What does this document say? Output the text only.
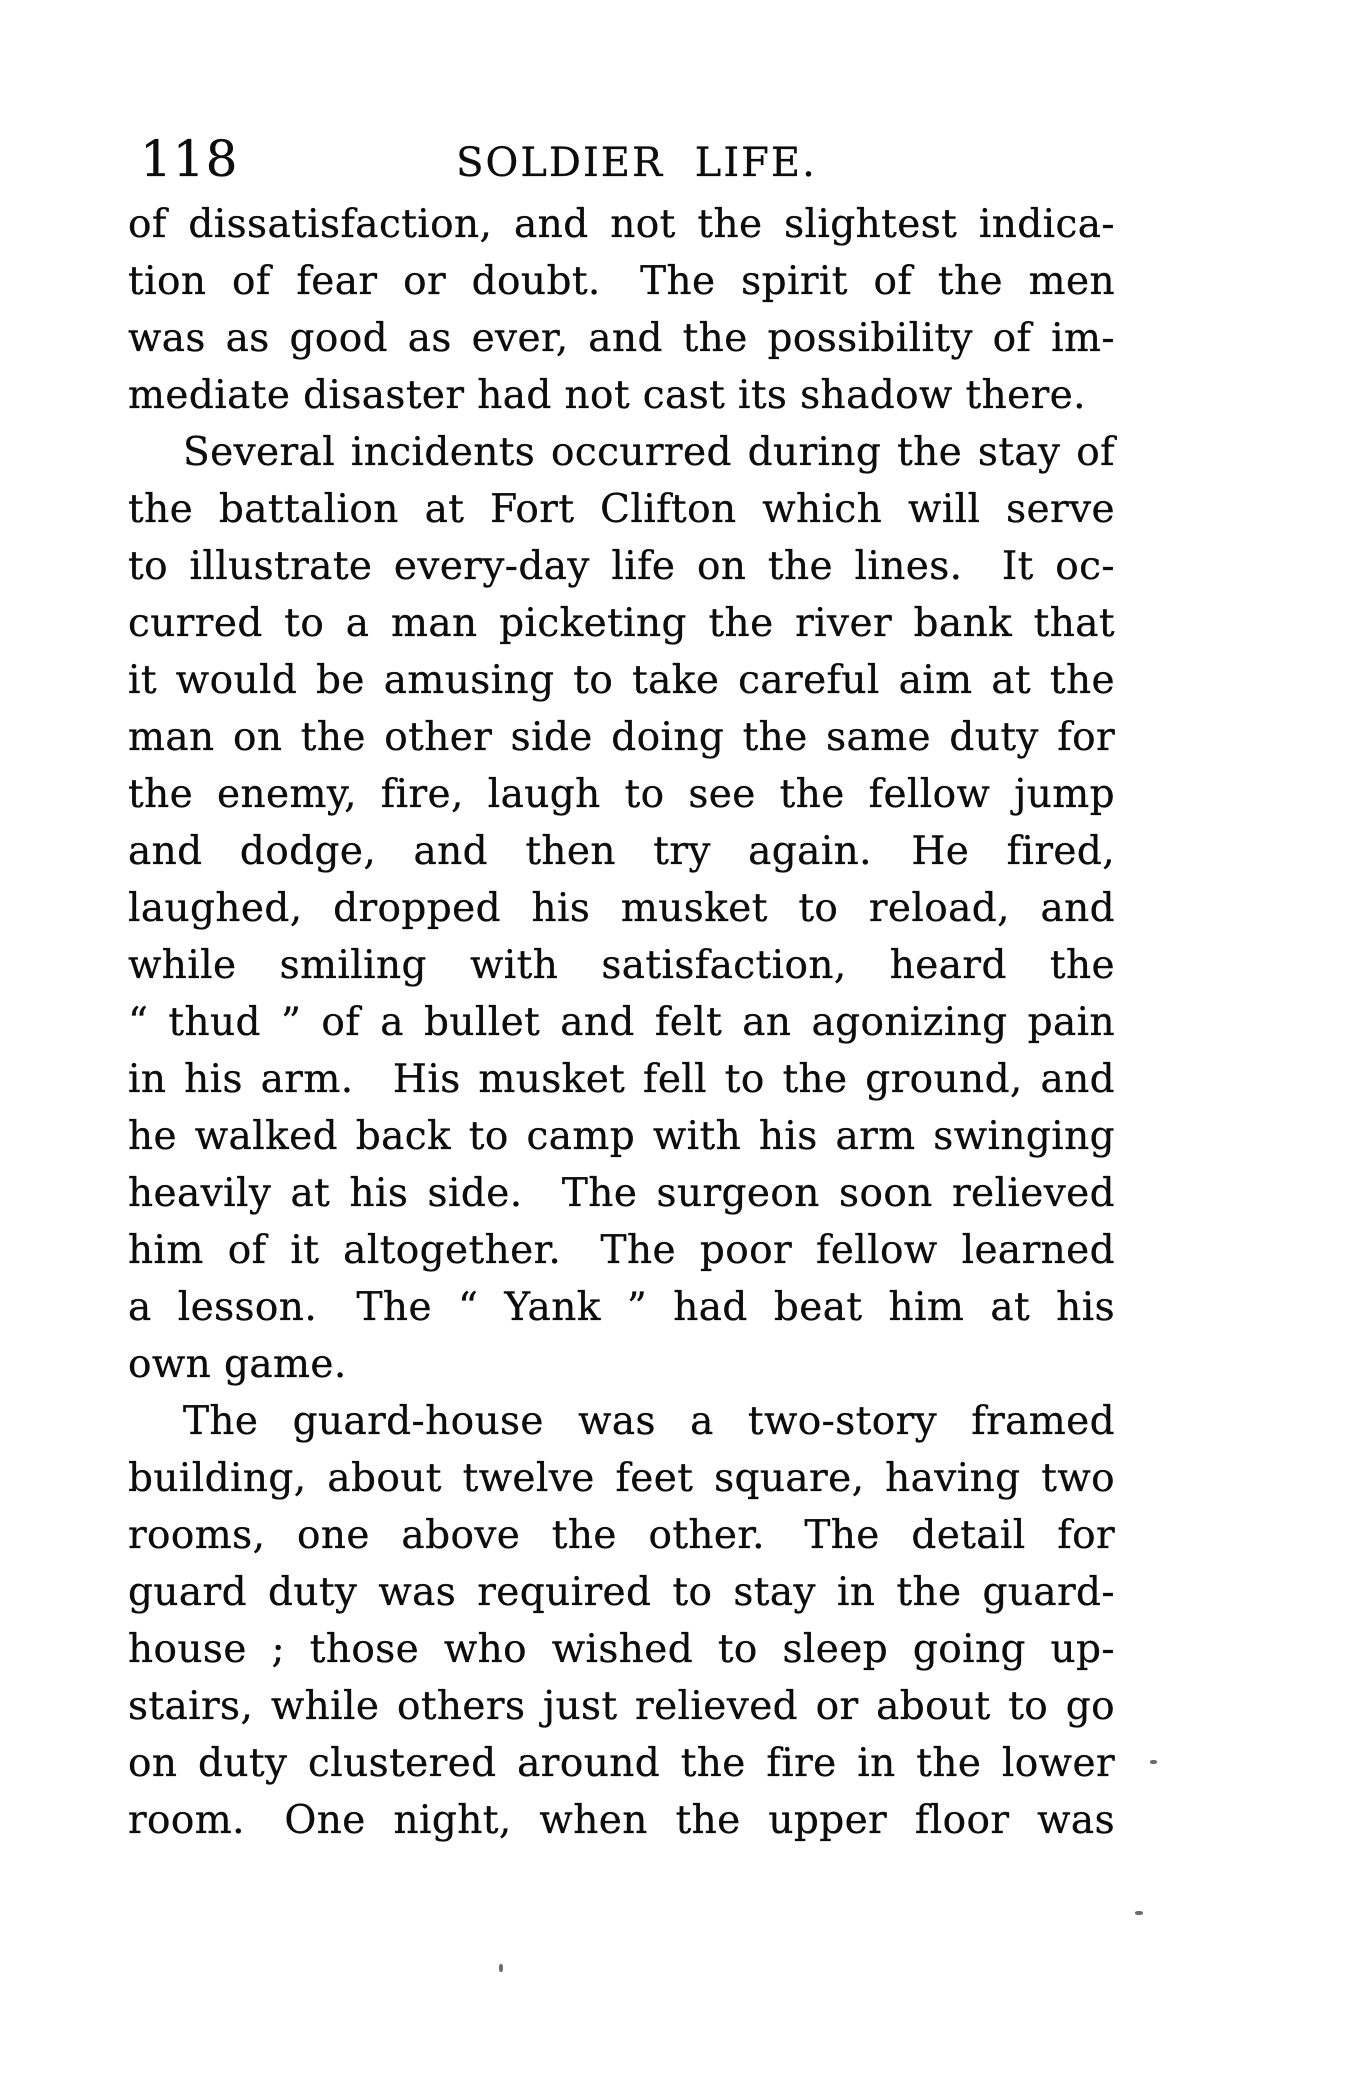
118	SOLDIER LIFE.
of dissatisfaction, and not the slightest indica-
tion of fear or doubt. The spirit of the men
was as good as ever, and the possibility of im-
mediate disaster had not cast its shadow there.
Several incidents occurred during the stay of
the battalion at Fort Clifton which will serve
to illustrate every-day life on the lines. It oc-
curred to a man picketing the river bank that
it would be amusing to take careful aim at the
man on the other side doing the same duty for
the enemy, fire, laugh to see the fellow jump
and dodge, and then try again. He fired,
laughed, dropped his musket to reload, and
while smiling with satisfaction, heard the
“ thud ” of a bullet and felt an agonizing pain
in his arm. His musket fell to the ground, and
he walked back to camp with his arm swinging
heavily at his side. The surgeon soon relieved
him of it altogether. The poor fellow learned
a lesson. The “ Yank ” had beat him at his
own game.
The guard-house was a two-story framed
building, about twelve feet square, having two
rooms, one above the other. The detail for
guard duty was required to stay in the guard-
house ; those who wished to sleep going up-
stairs, while others just relieved or about to go
on duty clustered around the fire in the lower
room. One night, when the upper floor was
